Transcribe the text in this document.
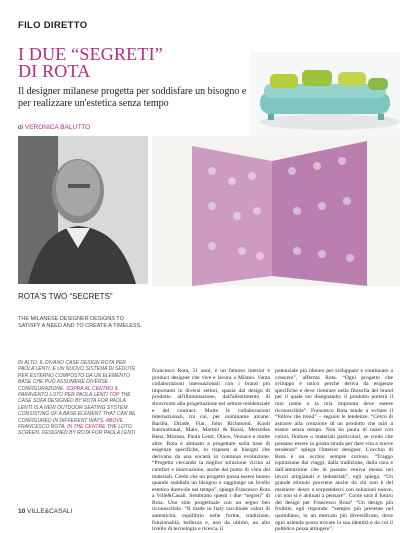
FILO DIRETTO
I DUE “SEGRETI”
DI ROTA
Il designer milanese progetta per soddisfare un bisogno e per realizzare un'estetica senza tempo
di VERONICA BALUTTO
ROTA'S TWO “SECRETS”
THE MILANESE DESIGNER DESIGNS TO SATISFY A NEED AND TO CREATE A TIMELESS.
IN ALTO, IL DIVANO CASE DESIGN ROTA PER PAOLA LENTI. E UN NUOVO SISTEMA DI SEDUTE PER ESTERNO COMPOSTO DA UN ELEMENTO BASE CHE PUÒ ASSUMERE DIVERSE CONFIGURAZIONE. SOPRA AL CENTRO IL PARAVENTO LOTO PER PAOLA LENTI TOP THE CASE SOFA DESIGNED BY ROTA FOR PAOLA LENTI IS A NEW OUTDOOR SEATING SYSTEM CONSISTING OF A BASE ELEMENT THAT CAN BE CONFIGURED IN DIFFERENT WAYS. ABOVE FRANCESCO ROTA. IN THE CENTRE THE LOTO SCREEN, DESIGNED BY ROTA FOR PAOLA LENTI
Francesco Rota, 51 anni, è un famoso interior e product designer che vive e lavora a Milano. Vanta collaborazioni internazionali con i brand più importanti in diversi settori, spazia dal design di prodotto all'illuminazione, dall'allestimento di showroom alla progettazione nel settore residenziale e del contract. Molte le collaborazioni internazionali, tra cui, per nominarne alcune: Barilla, Driade, Fiat, John Richmond, Knoll International, Malo, Martini & Rossi, Mercedes Benz, Moroso, Paola Lenti, Oluce, Versace e molte altre. Rota è abituato a progettare sulla base di esigenze specifiche, in risposta ai bisogni che derivano da una società in continua evoluzione. “Progetto cercando la miglior soluzione vicino al comfort e innovazione, anche dal punto di vista dei materiali. Credo che un progetto possa essere buono quando soddisfa un bisogno e raggiunge un livello estetico durevole nel tempo”, spiega Francesco Rota a Ville&Casali. Sembrano questi i due “segreti” di Rota. Uno stile progettuale con un segno ben riconoscibile. “Il made in Italy racchiude valori di autenticità, equilibrio nelle forme, tradizione, funzionalità, bellezza e, non da ultimo, un alto livello di tecnologia e ricerca, il
potenziale più idoneo per sviluppare e continuare a crescere”, afferma Rota. “Ogni progetto che sviluppo è unico perché deriva da esigenze specifiche e deve rientrare nella filosofia del brand per il quale sto disegnando; il prodotto porterà il mio nome e la mia impronta deve essere riconoscibile”. Francesco Rota tende a evitare il “follow the trend” – seguire le tendenze. “Cerco di astrarre alla creazione di un prodotto che miri a essere senza tempo. Non ho paura di osare con colori, finiture o materiali particolari, se credo che possano essere la giusta strada per dare vita a nuove tendenze” spiega l'interior designer. L'occhio di Rota è un occhio sempre curioso. “Traggo ispirazione dai viaggi, dalla tradizione, dalla cura e dall'attenzione che in passato veniva messa nei lavori artigianali e industriali”, egli spiega. “Un grande stimolo proviene anche da chi non è del mestiere: desce a sorprenderci con soluzioni nuove, cui non si è abituati a pensare”. Come sarà il futuro del design per Francesco Rota? “Un design più fruibile, egli risponde: “sempre più presente nel quotidiano, in un mercato più diversificato, dove ogni azienda possa trovare la sua identità e da cui il pubblico possa attingere”.
10 VILLE&CASALI
